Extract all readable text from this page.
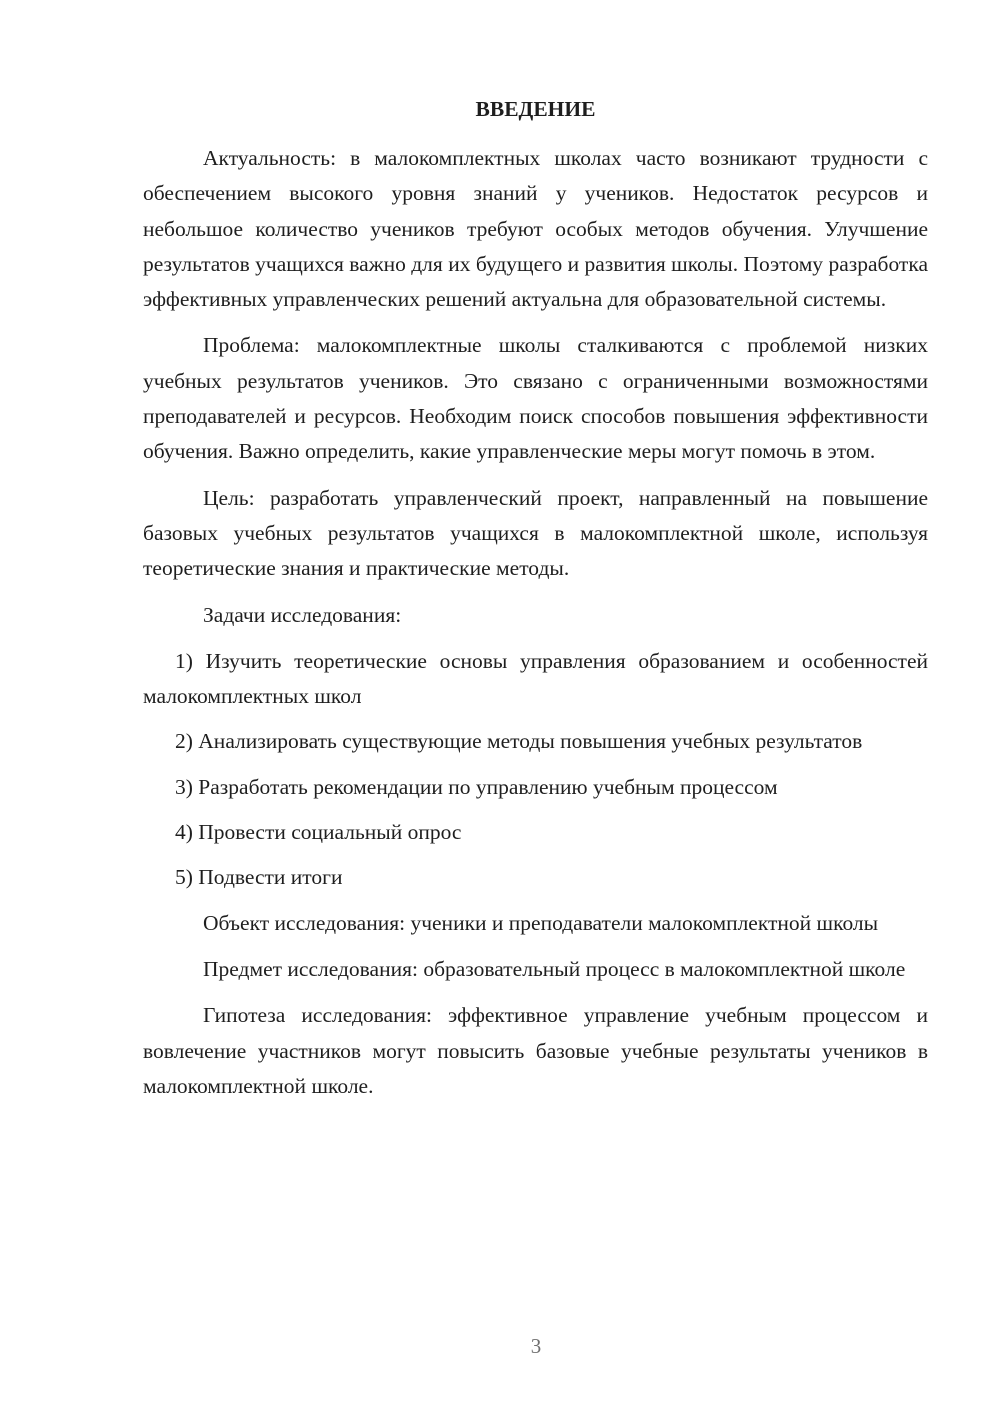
ВВЕДЕНИЕ

Актуальность: в малокомплектных школах часто возникают трудности с обеспечением высокого уровня знаний у учеников. Недостаток ресурсов и небольшое количество учеников требуют особых методов обучения. Улучшение результатов учащихся важно для их будущего и развития школы. Поэтому разработка эффективных управленческих решений актуальна для образовательной системы.

Проблема: малокомплектные школы сталкиваются с проблемой низких учебных результатов учеников. Это связано с ограниченными возможностями преподавателей и ресурсов. Необходим поиск способов повышения эффективности обучения. Важно определить, какие управленческие меры могут помочь в этом.

Цель: разработать управленческий проект, направленный на повышение базовых учебных результатов учащихся в малокомплектной школе, используя теоретические знания и практические методы.

Задачи исследования:

1) Изучить теоретические основы управления образованием и особенностей малокомплектных школ

2) Анализировать существующие методы повышения учебных результатов

3) Разработать рекомендации по управлению учебным процессом

4) Провести социальный опрос

5) Подвести итоги

Объект исследования: ученики и преподаватели малокомплектной школы

Предмет исследования: образовательный процесс в малокомплектной школе

Гипотеза исследования: эффективное управление учебным процессом и вовлечение участников могут повысить базовые учебные результаты учеников в малокомплектной школе.

3
